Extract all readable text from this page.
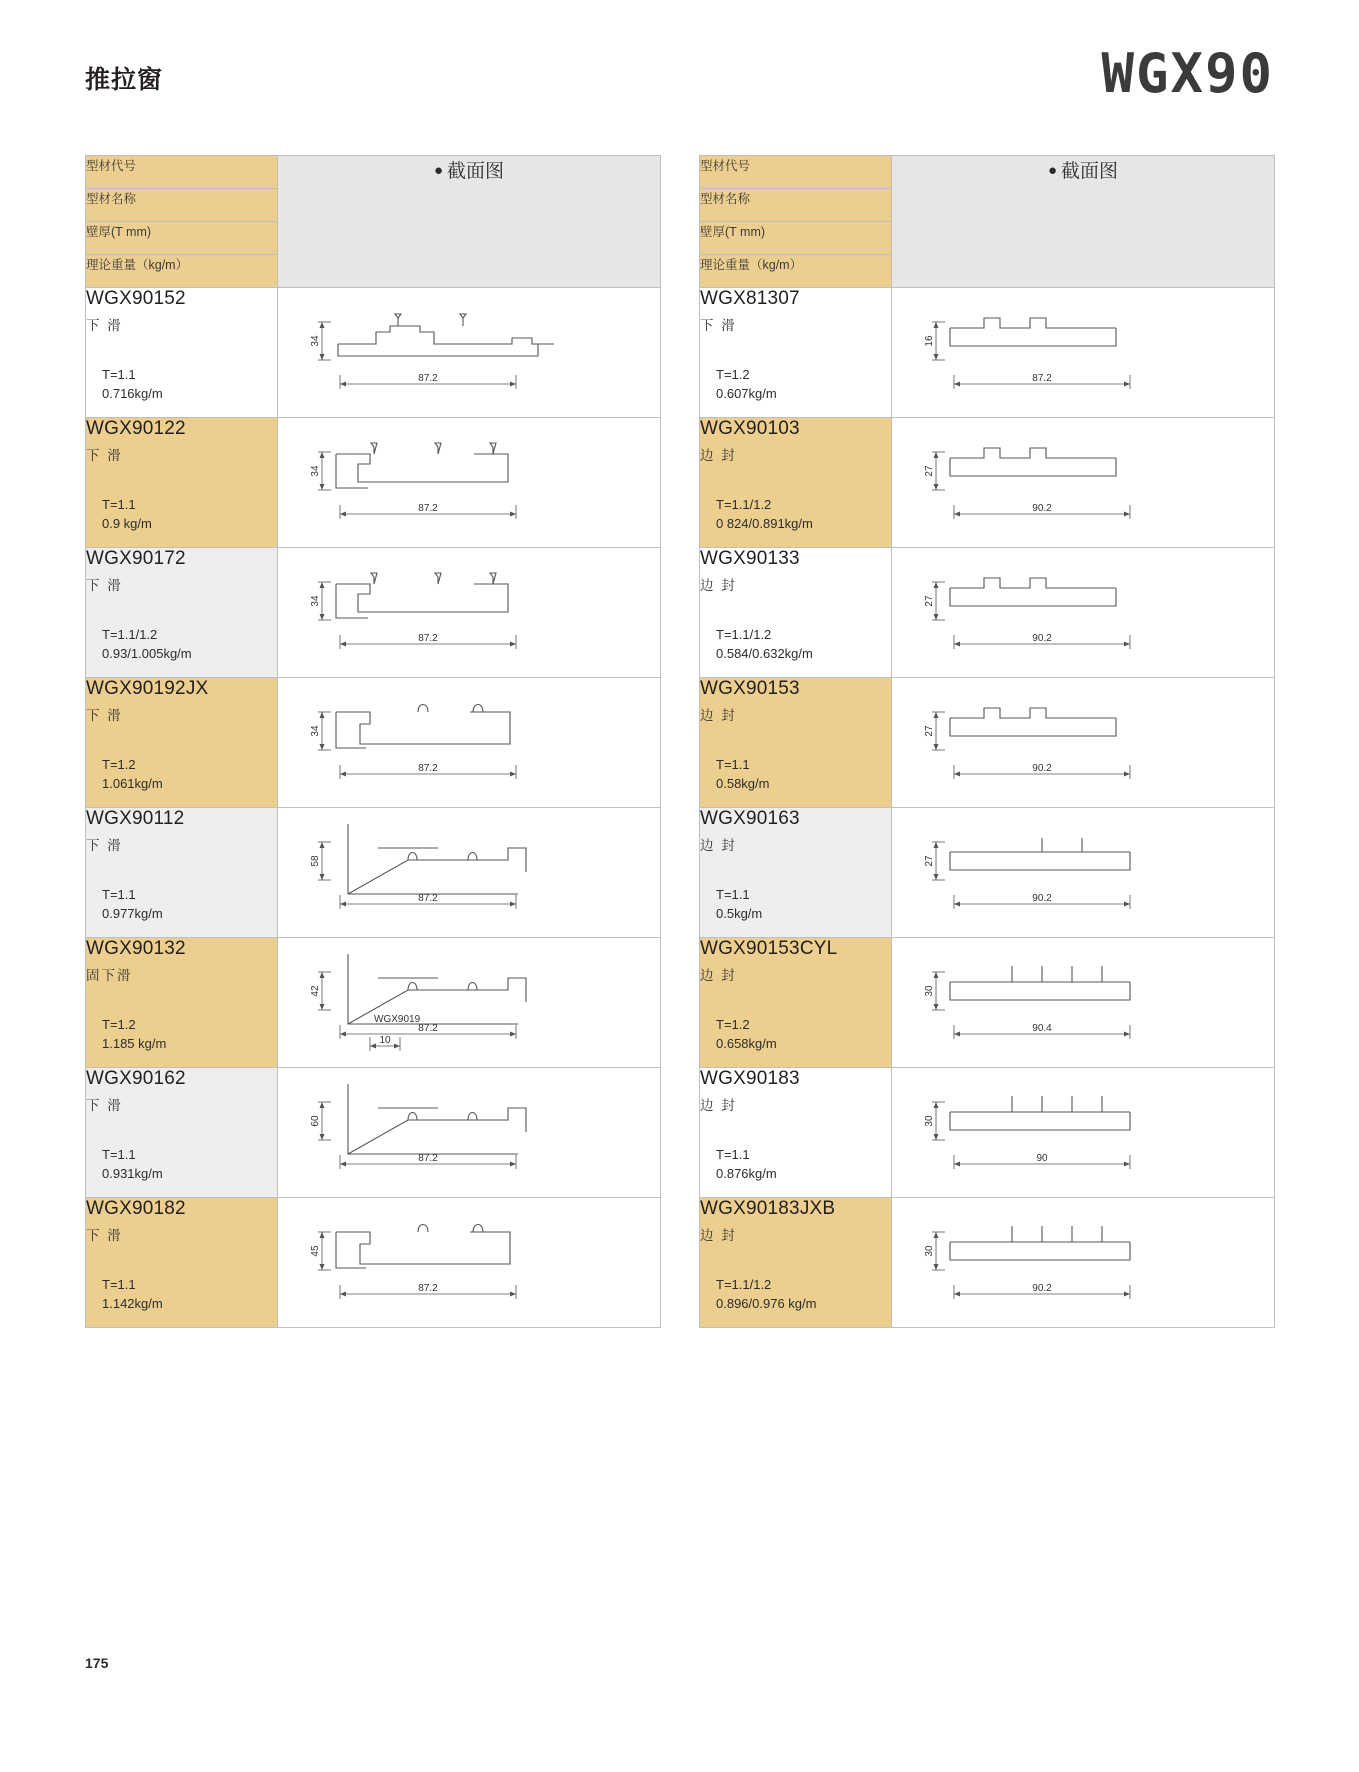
推拉窗	WGX90
型材代号	● 截面图
型材名称	
壁厚(T mm)	
理论重量（kg/m）	

WGX90152
下 滑
T=1.1
0.716kg/m

87.2
34

WGX90122
下 滑
T=1.1
0.9 kg/m

87.2
34

WGX90172
下 滑
T=1.1/1.2
0.93/1.005kg/m

87.2
34

WGX90192JX
下 滑
T=1.2
1.061kg/m

87.2
34

WGX90112
下 滑
T=1.1
0.977kg/m

87.2
58

WGX90132
固下滑
T=1.2
1.185 kg/m

87.2
42
WGX9019
10

WGX90162
下 滑
T=1.1
0.931kg/m

87.2
60

WGX90182
下 滑
T=1.1
1.142kg/m

87.2
45
型材代号	● 截面图
型材名称	
壁厚(T mm)	
理论重量（kg/m）	

WGX81307
下 滑
T=1.2
0.607kg/m

87.2
16

WGX90103
边 封
T=1.1/1.2
0 824/0.891kg/m

90.2
27

WGX90133
边 封
T=1.1/1.2
0.584/0.632kg/m

90.2
27

WGX90153
边 封
T=1.1
0.58kg/m

90.2
27

WGX90163
边 封
T=1.1
0.5kg/m

90.2
27

WGX90153CYL
边 封
T=1.2
0.658kg/m

90.4
30

WGX90183
边 封
T=1.1
0.876kg/m

90
30

WGX90183JXB
边 封
T=1.1/1.2
0.896/0.976 kg/m

90.2
30
175
